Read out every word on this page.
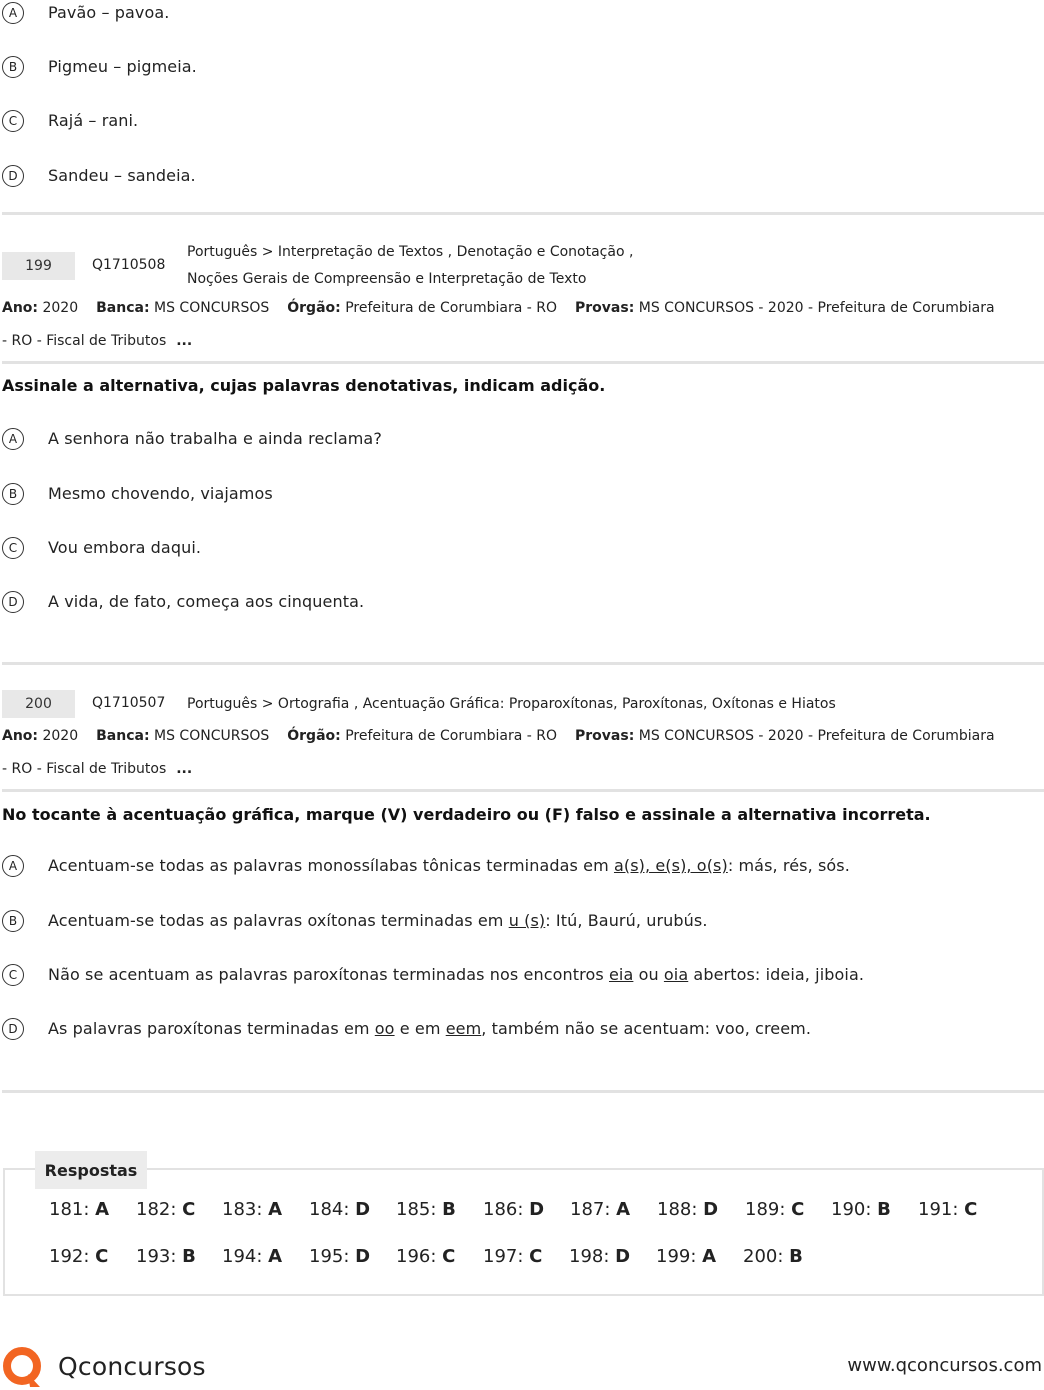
A	Pavão – pavoa.
B	Pigmeu – pigmeia.
C	Rajá – rani.
D	Sandeu – sandeia.
199	Q1710508
Português > Interpretação de Textos , Denotação e Conotação ,
Noções Gerais de Compreensão e Interpretação de Texto
Ano: 2020 Banca: MS CONCURSOS Órgão: Prefeitura de Corumbiara - RO Provas: MS CONCURSOS - 2020 - Prefeitura de Corumbiara
- RO - Fiscal de Tributos ...
Assinale a alternativa, cujas palavras denotativas, indicam adição.
A	A senhora não trabalha e ainda reclama?
B	Mesmo chovendo, viajamos
C	Vou embora daqui.
D	A vida, de fato, começa aos cinquenta.
200	Q1710507 Português > Ortografia , Acentuação Gráfica: Proparoxítonas, Paroxítonas, Oxítonas e Hiatos
Ano: 2020 Banca: MS CONCURSOS Órgão: Prefeitura de Corumbiara - RO Provas: MS CONCURSOS - 2020 - Prefeitura de Corumbiara
- RO - Fiscal de Tributos ...
No tocante à acentuação gráfica, marque (V) verdadeiro ou (F) falso e assinale a alternativa incorreta.
A	Acentuam-se todas as palavras monossílabas tônicas terminadas em a(s), e(s), o(s): más, rés, sós.
B	Acentuam-se todas as palavras oxítonas terminadas em u (s): Itú, Baurú, urubús.
C	Não se acentuam as palavras paroxítonas terminadas nos encontros eia ou oia abertos: ideia, jiboia.
D	As palavras paroxítonas terminadas em oo e em eem, também não se acentuam: voo, creem.
Respostas
181: A 182: C 183: A 184: D 185: B 186: D 187: A 188: D 189: C 190: B 191: C
192: C 193: B 194: A 195: D 196: C 197: C 198: D 199: A 200: B
Qconcursos	www.qconcursos.com
